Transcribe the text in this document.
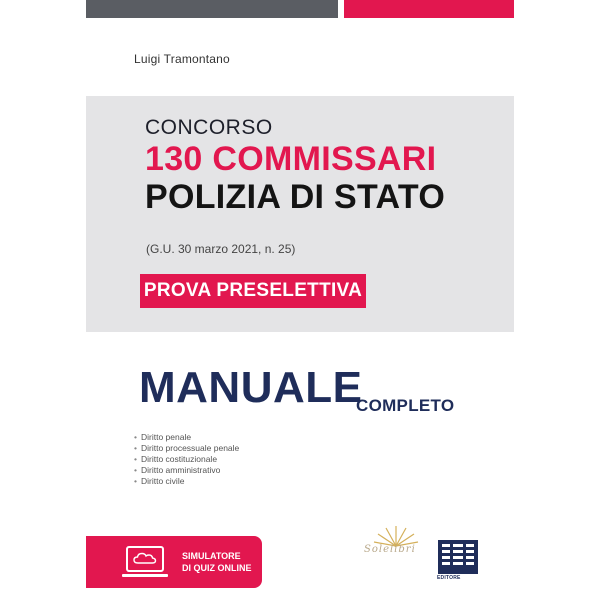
Luigi Tramontano
CONCORSO
130 COMMISSARI
POLIZIA DI STATO
(G.U. 30 marzo 2021, n. 25)
PROVA PRESELETTIVA
MANUALE
COMPLETO
• Diritto penale
• Diritto processuale penale
• Diritto costituzionale
• Diritto amministrativo
• Diritto civile
SIMULATORE
DI QUIZ ONLINE
Solelibri
EDITORE
